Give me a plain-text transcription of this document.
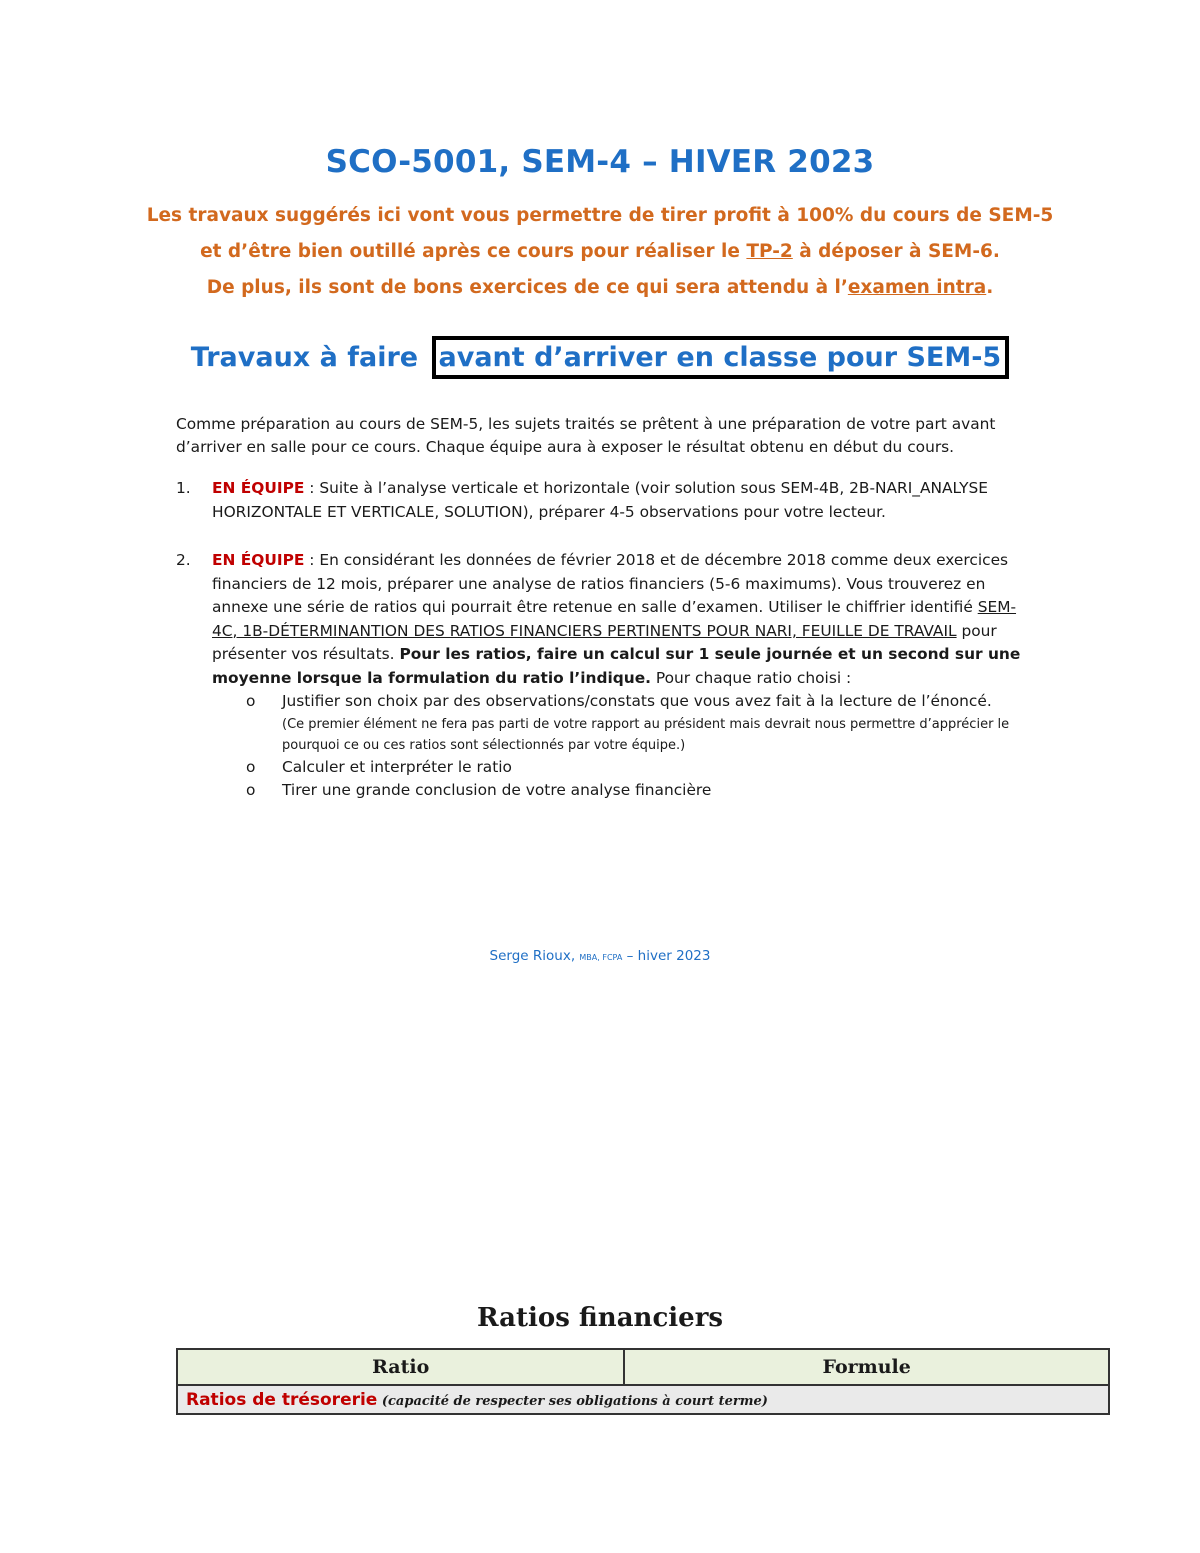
SCO-5001, SEM-4 – HIVER 2023
Les travaux suggérés ici vont vous permettre de tirer profit à 100% du cours de SEM-5
et d’être bien outillé après ce cours pour réaliser le TP-2 à déposer à SEM-6.
De plus, ils sont de bons exercices de ce qui sera attendu à l’examen intra.
Travaux à faire avant d’arriver en classe pour SEM-5
Comme préparation au cours de SEM-5, les sujets traités se prêtent à une préparation de votre part avant d’arriver en salle pour ce cours. Chaque équipe aura à exposer le résultat obtenu en début du cours.
1. EN ÉQUIPE : Suite à l’analyse verticale et horizontale (voir solution sous SEM-4B, 2B-NARI_ANALYSE HORIZONTALE ET VERTICALE, SOLUTION), préparer 4-5 observations pour votre lecteur.
2. EN ÉQUIPE : En considérant les données de février 2018 et de décembre 2018 comme deux exercices financiers de 12 mois, préparer une analyse de ratios financiers (5-6 maximums). Vous trouverez en annexe une série de ratios qui pourrait être retenue en salle d’examen. Utiliser le chiffrier identifié SEM-4C, 1B-DÉTERMINANTION DES RATIOS FINANCIERS PERTINENTS POUR NARI, FEUILLE DE TRAVAIL pour présenter vos résultats. Pour les ratios, faire un calcul sur 1 seule journée et un second sur une moyenne lorsque la formulation du ratio l’indique. Pour chaque ratio choisi :
o Justifier son choix par des observations/constats que vous avez fait à la lecture de l’énoncé.
(Ce premier élément ne fera pas parti de votre rapport au président mais devrait nous permettre d’apprécier le pourquoi ce ou ces ratios sont sélectionnés par votre équipe.)
o Calculer et interpréter le ratio
o Tirer une grande conclusion de votre analyse financière
Serge Rioux, MBA, FCPA – hiver 2023
Ratios financiers
Ratio	Formule
Ratios de trésorerie (capacité de respecter ses obligations à court terme)
